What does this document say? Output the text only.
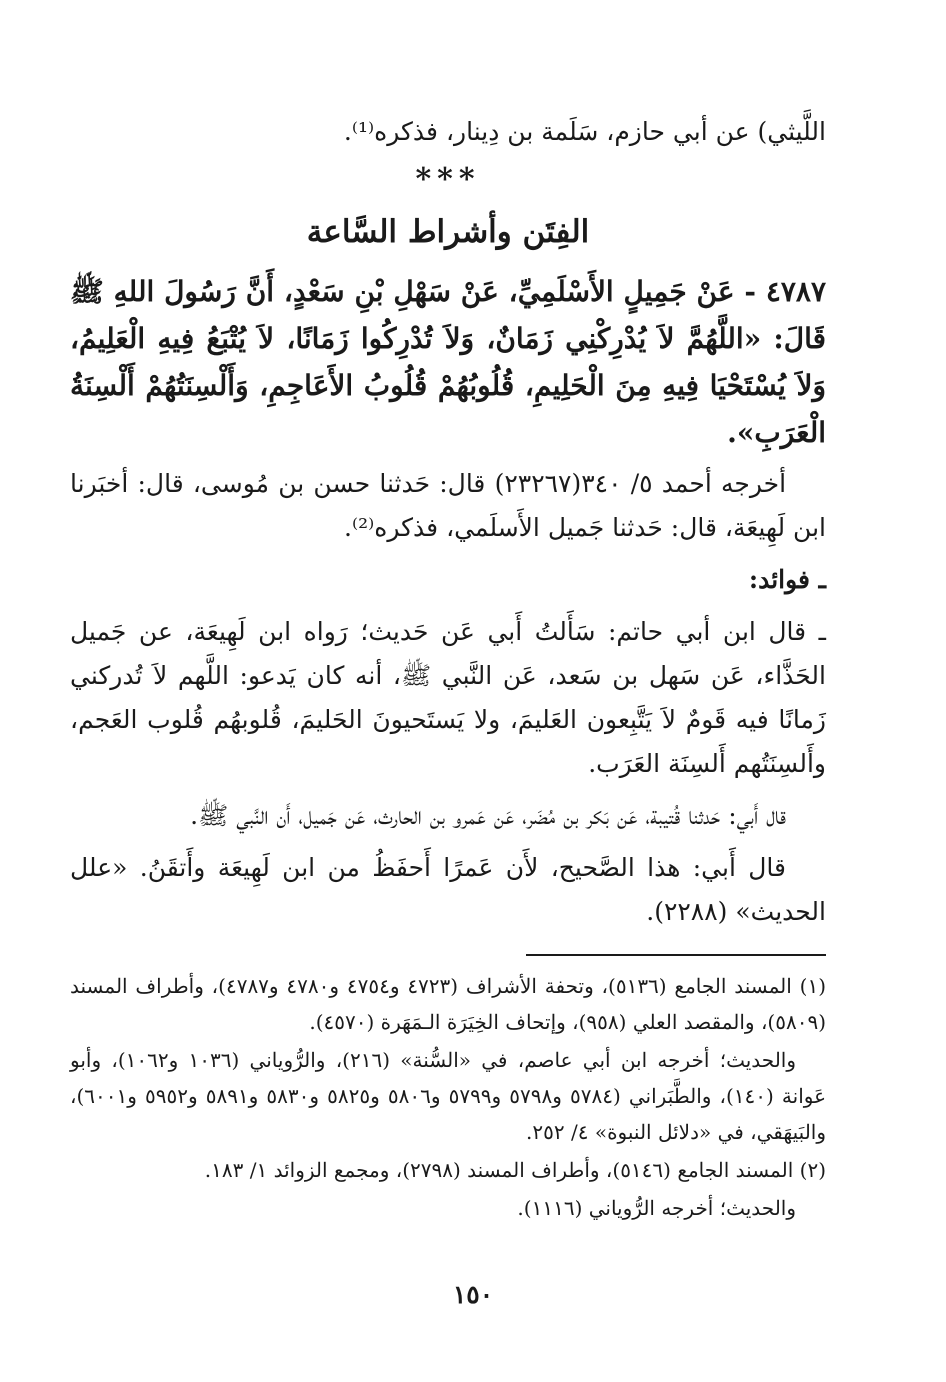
اللَّيثي) عن أبي حازم، سَلَمة بن دِينار، فذكره⁽¹⁾.

***

الفِتَن وأشراط السَّاعة

٤٧٨٧ - عَنْ جَمِيلٍ الأَسْلَمِيِّ، عَنْ سَهْلِ بْنِ سَعْدٍ، أَنَّ رَسُولَ اللهِ ﷺ قَالَ: «اللَّهُمَّ لاَ يُدْرِكْنِي زَمَانٌ، وَلاَ تُدْرِكُوا زَمَانًا، لاَ يُتْبَعُ فِيهِ الْعَلِيمُ، وَلاَ يُسْتَحْيَا فِيهِ مِنَ الْحَلِيمِ، قُلُوبُهُمْ قُلُوبُ الأَعَاجِمِ، وَأَلْسِنَتُهُمْ أَلْسِنَةُ الْعَرَبِ».

أخرجه أحمد ٥/ ٣٤٠(٢٣٢٦٧) قال: حَدثنا حسن بن مُوسى، قال: أخبَرنا ابن لَهِيعَة، قال: حَدثنا جَميل الأَسلَمي، فذكره⁽²⁾.

ـ فوائد:

ـ قال ابن أبي حاتم: سَأَلتُ أَبي عَن حَديث؛ رَواه ابن لَهِيعَة، عن جَميل الحَذَّاء، عَن سَهل بن سَعد، عَن النَّبي ﷺ، أنه كان يَدعو: اللَّهم لاَ تُدركني زَمانًا فيه قَومٌ لاَ يَتَّبِعون العَليمَ، ولا يَستَحيونَ الحَليمَ، قُلوبهُم قُلوب العَجم، وأَلسِنَتُهم أَلسِنَة العَرَب.

قال أَبي: حَدثنا قُتيبة، عَن بَكر بن مُضَر، عَن عَمرو بن الحارث، عَن جَميل، أَن النَّبي ﷺ.

قال أَبي: هذا الصَّحيح، لأَن عَمرًا أَحفَظُ من ابن لَهِيعَة وأَتقَنُ. «علل الحديث» (٢٢٨٨).

(١) المسند الجامع (٥١٣٦)، وتحفة الأشراف (٤٧٢٣ و٤٧٥٤ و٤٧٨٠ و٤٧٨٧)، وأطراف المسند (٥٨٠٩)، والمقصد العلي (٩٥٨)، وإتحاف الخِيَرَة الـمَهَرة (٤٥٧٠).

والحديث؛ أخرجه ابن أبي عاصم، في «السُّنة» (٢١٦)، والرُّوياني (١٠٣٦ و١٠٦٢)، وأبو عَوانة (١٤٠)، والطَّبَراني (٥٧٨٤ و٥٧٩٨ و٥٧٩٩ و٥٨٠٦ و٥٨٢٥ و٥٨٣٠ و٥٨٩١ و٥٩٥٢ و٦٠٠١)، والبَيهَقي، في «دلائل النبوة» ٤/ ٢٥٢.

(٢) المسند الجامع (٥١٤٦)، وأطراف المسند (٢٧٩٨)، ومجمع الزوائد ١/ ١٨٣.

والحديث؛ أخرجه الرُّوياني (١١١٦).

١٥٠
